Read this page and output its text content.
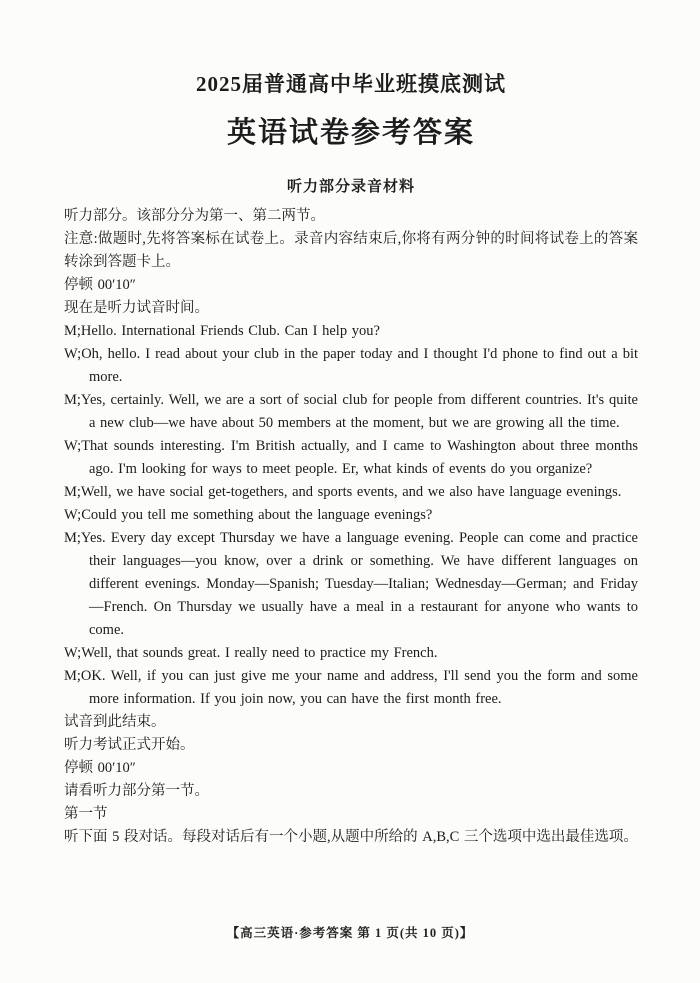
2025届普通高中毕业班摸底测试
英语试卷参考答案
听力部分录音材料

听力部分。该部分分为第一、第二两节。

注意:做题时,先将答案标在试卷上。录音内容结束后,你将有两分钟的时间将试卷上的答案转涂到答题卡上。

停顿 00′10″

现在是听力试音时间。

M;Hello. International Friends Club. Can I help you?

W;Oh, hello. I read about your club in the paper today and I thought I'd phone to find out a bit more.

M;Yes, certainly. Well, we are a sort of social club for people from different countries. It's quite a new club—we have about 50 members at the moment, but we are growing all the time.

W;That sounds interesting. I'm British actually, and I came to Washington about three months ago. I'm looking for ways to meet people. Er, what kinds of events do you organize?

M;Well, we have social get-togethers, and sports events, and we also have language evenings.

W;Could you tell me something about the language evenings?

M;Yes. Every day except Thursday we have a language evening. People can come and practice their languages—you know, over a drink or something. We have different languages on different evenings. Monday—Spanish; Tuesday—Italian; Wednesday—German; and Friday—French. On Thursday we usually have a meal in a restaurant for anyone who wants to come.

W;Well, that sounds great. I really need to practice my French.

M;OK. Well, if you can just give me your name and address, I'll send you the form and some more information. If you join now, you can have the first month free.

试音到此结束。

听力考试正式开始。

停顿 00′10″

请看听力部分第一节。

第一节

听下面 5 段对话。每段对话后有一个小题,从题中所给的 A,B,C 三个选项中选出最佳选项。

【高三英语·参考答案 第 1 页(共 10 页)】
